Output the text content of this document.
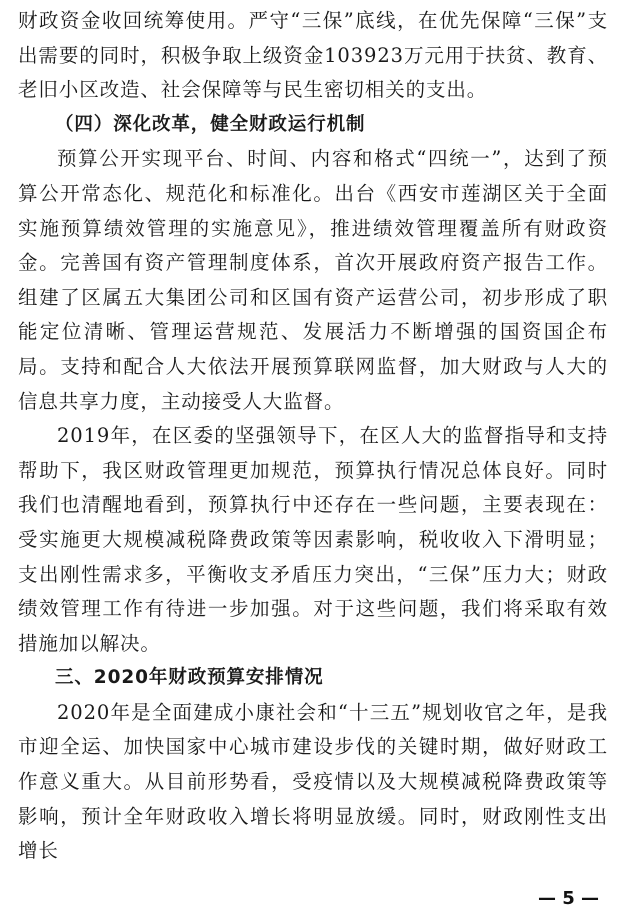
财政资金收回统筹使用。严守“三保”底线，在优先保障“三保”支出需要的同时，积极争取上级资金103923万元用于扶贫、教育、老旧小区改造、社会保障等与民生密切相关的支出。

（四）深化改革，健全财政运行机制

预算公开实现平台、时间、内容和格式“四统一”，达到了预算公开常态化、规范化和标准化。出台《西安市莲湖区关于全面实施预算绩效管理的实施意见》，推进绩效管理覆盖所有财政资金。完善国有资产管理制度体系，首次开展政府资产报告工作。组建了区属五大集团公司和区国有资产运营公司，初步形成了职能定位清晰、管理运营规范、发展活力不断增强的国资国企布局。支持和配合人大依法开展预算联网监督，加大财政与人大的信息共享力度，主动接受人大监督。

2019年，在区委的坚强领导下，在区人大的监督指导和支持帮助下，我区财政管理更加规范，预算执行情况总体良好。同时我们也清醒地看到，预算执行中还存在一些问题，主要表现在：受实施更大规模减税降费政策等因素影响，税收收入下滑明显；支出刚性需求多，平衡收支矛盾压力突出，“三保”压力大；财政绩效管理工作有待进一步加强。对于这些问题，我们将采取有效措施加以解决。

三、2020年财政预算安排情况

2020年是全面建成小康社会和“十三五”规划收官之年，是我市迎全运、加快国家中心城市建设步伐的关键时期，做好财政工作意义重大。从目前形势看，受疫情以及大规模减税降费政策等影响，预计全年财政收入增长将明显放缓。同时，财政刚性支出增长

— 5 —
